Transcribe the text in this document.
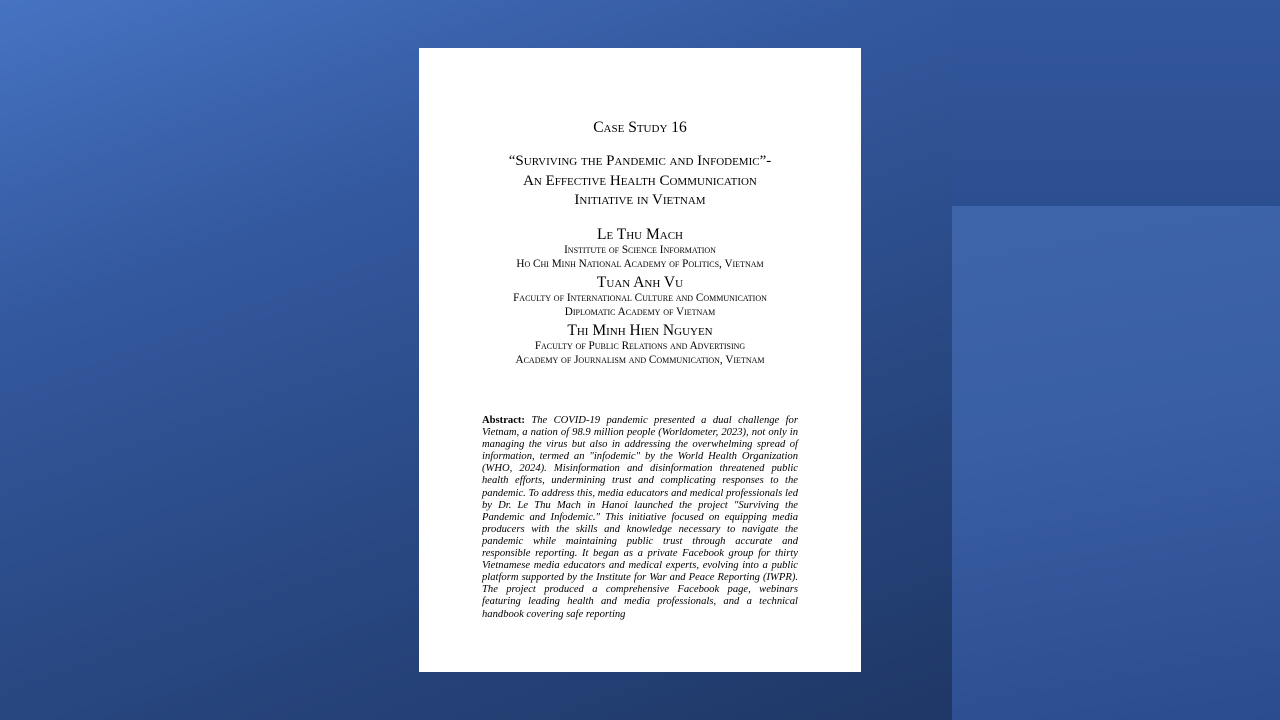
Case Study 16
“Surviving the Pandemic and Infodemic”-
An Effective Health Communication
Initiative in Vietnam
Le Thu Mach
Institute of Science Information
Ho Chi Minh National Academy of Politics, Vietnam
Tuan Anh Vu
Faculty of International Culture and Communication
Diplomatic Academy of Vietnam
Thi Minh Hien Nguyen
Faculty of Public Relations and Advertising
Academy of Journalism and Communication, Vietnam
Abstract: The COVID-19 pandemic presented a dual challenge for Vietnam, a nation of 98.9 million people (Worldometer, 2023), not only in managing the virus but also in addressing the overwhelming spread of information, termed an "infodemic" by the World Health Organization (WHO, 2024). Misinformation and disinformation threatened public health efforts, undermining trust and complicating responses to the pandemic. To address this, media educators and medical professionals led by Dr. Le Thu Mach in Hanoi launched the project "Surviving the Pandemic and Infodemic." This initiative focused on equipping media producers with the skills and knowledge necessary to navigate the pandemic while maintaining public trust through accurate and responsible reporting. It began as a private Facebook group for thirty Vietnamese media educators and medical experts, evolving into a public platform supported by the Institute for War and Peace Reporting (IWPR). The project produced a comprehensive Facebook page, webinars featuring leading health and media professionals, and a technical handbook covering safe reporting
